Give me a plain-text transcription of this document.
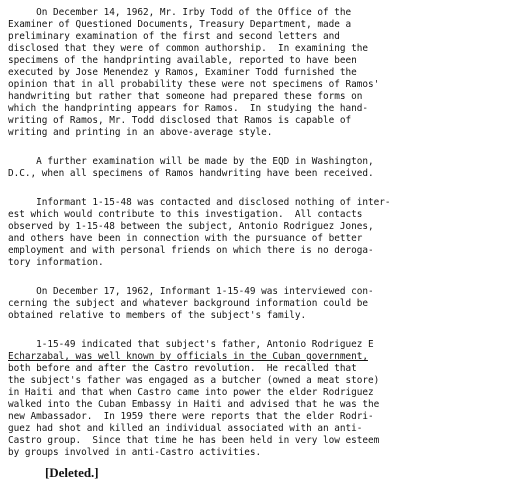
On December 14, 1962, Mr. Irby Todd of the Office of the
Examiner of Questioned Documents, Treasury Department, made a
preliminary examination of the first and second letters and
disclosed that they were of common authorship.  In examining the
specimens of the handprinting available, reported to have been
executed by Jose Menendez y Ramos, Examiner Todd furnished the
opinion that in all probability these were not specimens of Ramos'
handwriting but rather that someone had prepared these forms on
which the handprinting appears for Ramos.  In studying the hand-
writing of Ramos, Mr. Todd disclosed that Ramos is capable of
writing and printing in an above-average style.
A further examination will be made by the EQD in Washington,
D.C., when all specimens of Ramos handwriting have been received.
Informant 1-15-48 was contacted and disclosed nothing of inter-
est which would contribute to this investigation.  All contacts
observed by 1-15-48 between the subject, Antonio Rodriguez Jones,
and others have been in connection with the pursuance of better
employment and with personal friends on which there is no deroga-
tory information.
On December 17, 1962, Informant 1-15-49 was interviewed con-
cerning the subject and whatever background information could be
obtained relative to members of the subject's family.
1-15-49 indicated that subject's father, Antonio Rodriguez E
Echarzabal, was well known by officials in the Cuban government,
both before and after the Castro revolution.  He recalled that
the subject's father was engaged as a butcher (owned a meat store)
in Haiti and that when Castro came into power the elder Rodriguez
walked into the Cuban Embassy in Haiti and advised that he was the
new Ambassador.  In 1959 there were reports that the elder Rodri-
guez had shot and killed an individual associated with an anti-
Castro group.  Since that time he has been held in very low esteem
by groups involved in anti-Castro activities.
[Deleted.]
